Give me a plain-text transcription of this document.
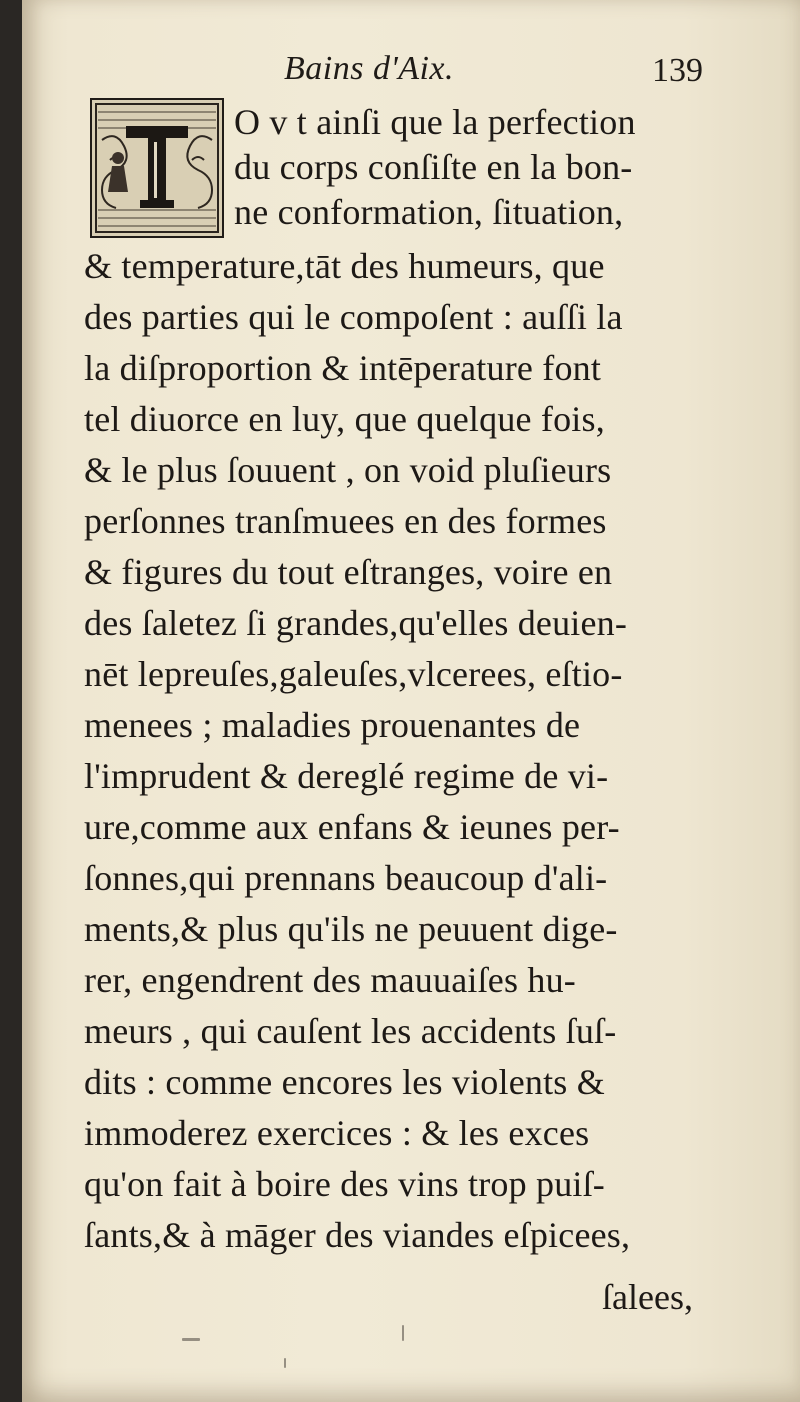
Bains d'Aix.	139
O v t ainſi que la perfection
du corps conſiſte en la bon-
ne conformation, ſituation,
& temperature,tāt des humeurs, que
des parties qui le compoſent : auſſi la
la diſproportion & intēperature font
tel diuorce en luy, que quelque fois,
& le plus ſouuent , on void pluſieurs
perſonnes tranſmuees en des formes
& figures du tout eſtranges, voire en
des ſaletez ſi grandes,qu'elles deuien-
nēt lepreuſes,galeuſes,vlcerees, eſtio-
menees ; maladies prouenantes de
l'imprudent & dereglé regime de vi-
ure,comme aux enfans & ieunes per-
ſonnes,qui prennans beaucoup d'ali-
ments,& plus qu'ils ne peuuent dige-
rer, engendrent des mauuaiſes hu-
meurs , qui cauſent les accidents ſuſ-
dits : comme encores les violents &
immoderez exercices : & les exces
qu'on fait à boire des vins trop puiſ-
ſants,& à māger des viandes eſpicees,
ſalees,
